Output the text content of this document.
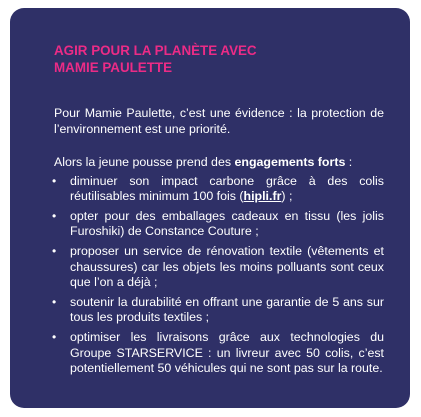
AGIR POUR LA PLANÈTE AVEC
MAMIE PAULETTE

Pour Mamie Paulette, c’est une évidence : la protection de l’environnement est une priorité.

Alors la jeune pousse prend des engagements forts :

• diminuer son impact carbone grâce à des colis réutilisables minimum 100 fois (hipli.fr) ;
• opter pour des emballages cadeaux en tissu (les jolis Furoshiki) de Constance Couture ;
• proposer un service de rénovation textile (vêtements et chaussures) car les objets les moins polluants sont ceux que l’on a déjà ;
• soutenir la durabilité en offrant une garantie de 5 ans sur tous les produits textiles ;
• optimiser les livraisons grâce aux technologies du Groupe STARSERVICE : un livreur avec 50 colis, c’est potentiellement 50 véhicules qui ne sont pas sur la route.
